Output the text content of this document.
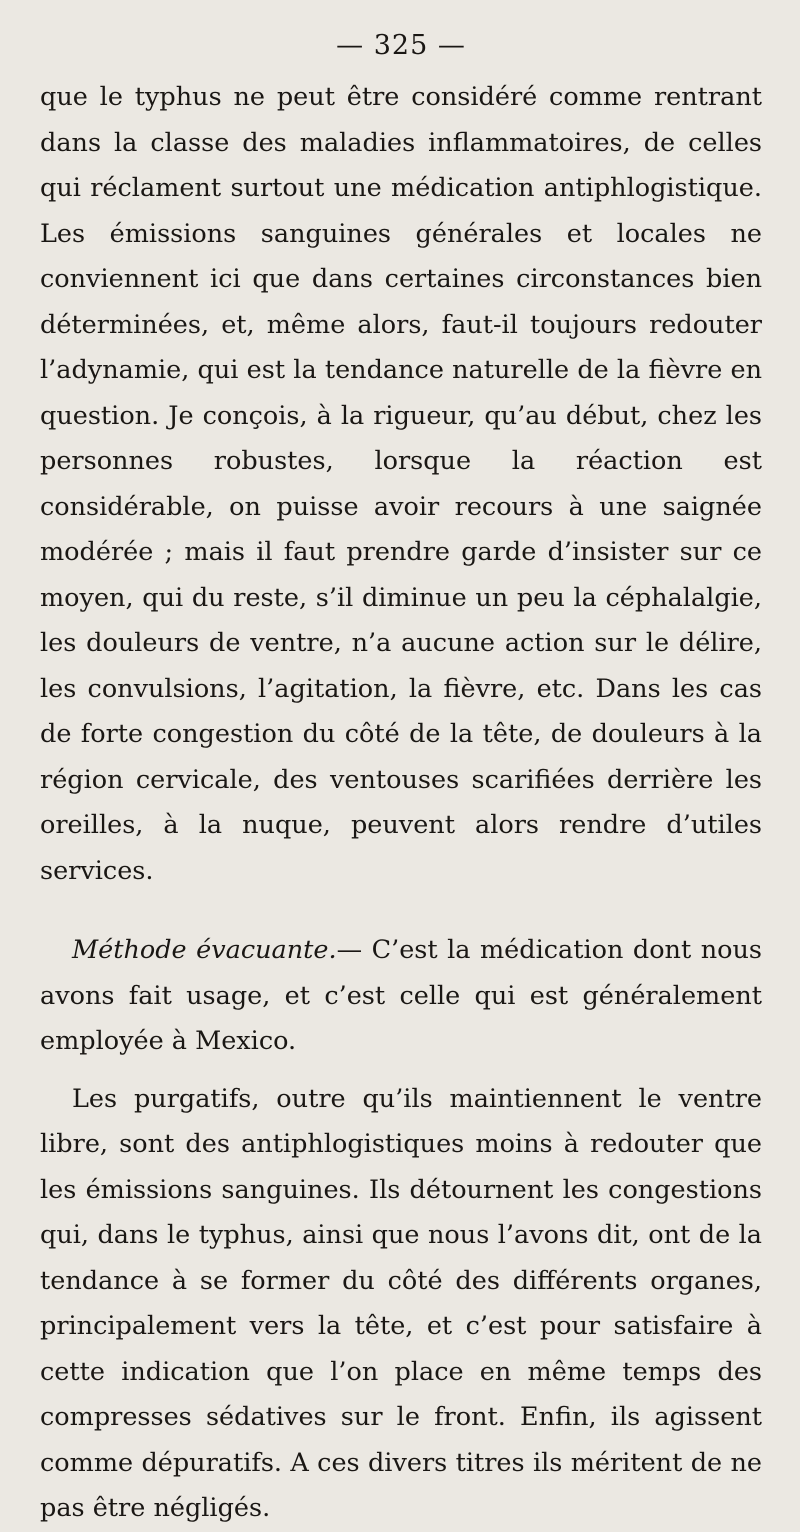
— 325 —

que le typhus ne peut être considéré comme rentrant dans la classe des maladies inflammatoires, de celles qui réclament surtout une médication antiphlogistique. Les émissions sanguines générales et locales ne conviennent ici que dans certaines circonstances bien déterminées, et, même alors, faut-il toujours redouter l’adynamie, qui est la tendance naturelle de la fièvre en question. Je conçois, à la rigueur, qu’au début, chez les personnes robustes, lorsque la réaction est considérable, on puisse avoir recours à une saignée modérée ; mais il faut prendre garde d’insister sur ce moyen, qui du reste, s’il diminue un peu la céphalalgie, les douleurs de ventre, n’a aucune action sur le délire, les convulsions, l’agitation, la fièvre, etc. Dans les cas de forte congestion du côté de la tête, de douleurs à la région cervicale, des ventouses scarifiées derrière les oreilles, à la nuque, peuvent alors rendre d’utiles services.

Méthode évacuante.— C’est la médication dont nous avons fait usage, et c’est celle qui est généralement employée à Mexico.

Les purgatifs, outre qu’ils maintiennent le ventre libre, sont des antiphlogistiques moins à redouter que les émissions sanguines. Ils détournent les congestions qui, dans le typhus, ainsi que nous l’avons dit, ont de la tendance à se former du côté des différents organes, principalement vers la tête, et c’est pour satisfaire à cette indication que l’on place en même temps des compresses sédatives sur le front. Enfin, ils agissent comme dépuratifs. A ces divers titres ils méritent de ne pas être négligés.
